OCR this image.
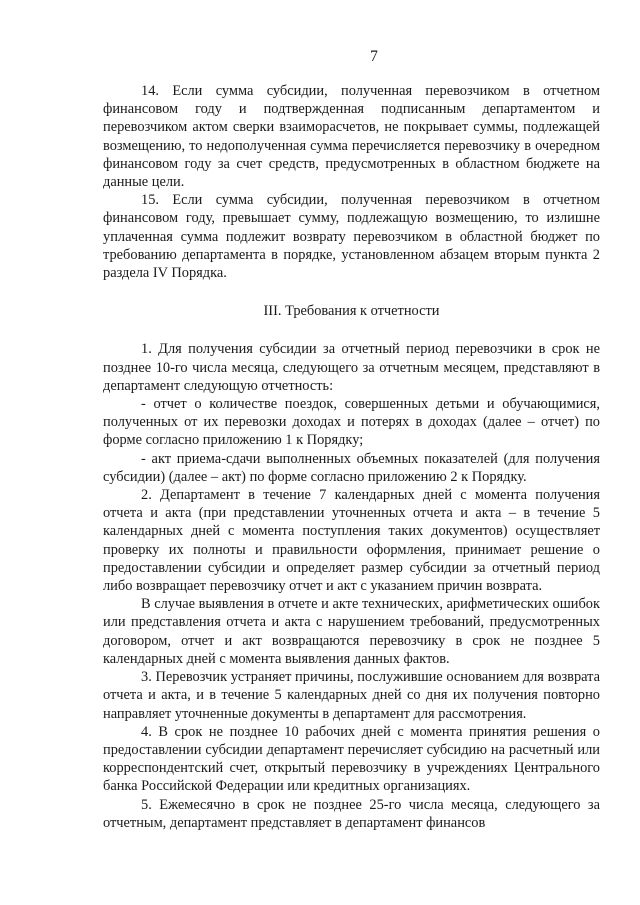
7

14. Если сумма субсидии, полученная перевозчиком в отчетном финансовом году и подтвержденная подписанным департаментом и перевозчиком актом сверки взаиморасчетов, не покрывает суммы, подлежащей возмещению, то недополученная сумма перечисляется перевозчику в очередном финансовом году за счет средств, предусмотренных в областном бюджете на данные цели.

15. Если сумма субсидии, полученная перевозчиком в отчетном финансовом году, превышает сумму, подлежащую возмещению, то излишне уплаченная сумма подлежит возврату перевозчиком в областной бюджет по требованию департамента в порядке, установленном абзацем вторым пункта 2 раздела IV Порядка.

III. Требования к отчетности

1. Для получения субсидии за отчетный период перевозчики в срок не позднее 10-го числа месяца, следующего за отчетным месяцем, представляют в департамент следующую отчетность:

- отчет о количестве поездок, совершенных детьми и обучающимися, полученных от их перевозки доходах и потерях в доходах (далее – отчет) по форме согласно приложению 1 к Порядку;

- акт приема-сдачи выполненных объемных показателей (для получения субсидии) (далее – акт) по форме согласно приложению 2 к Порядку.

2. Департамент в течение 7 календарных дней с момента получения отчета и акта (при представлении уточненных отчета и акта – в течение 5 календарных дней с момента поступления таких документов) осуществляет проверку их полноты и правильности оформления, принимает решение о предоставлении субсидии и определяет размер субсидии за отчетный период либо возвращает перевозчику отчет и акт с указанием причин возврата.

В случае выявления в отчете и акте технических, арифметических ошибок или представления отчета и акта с нарушением требований, предусмотренных договором, отчет и акт возвращаются перевозчику в срок не позднее 5 календарных дней с момента выявления данных фактов.

3. Перевозчик устраняет причины, послужившие основанием для возврата отчета и акта, и в течение 5 календарных дней со дня их получения повторно направляет уточненные документы в департамент для рассмотрения.

4. В срок не позднее 10 рабочих дней с момента принятия решения о предоставлении субсидии департамент перечисляет субсидию на расчетный или корреспондентский счет, открытый перевозчику в учреждениях Центрального банка Российской Федерации или кредитных организациях.

5. Ежемесячно в срок не позднее 25-го числа месяца, следующего за отчетным, департамент представляет в департамент финансов
